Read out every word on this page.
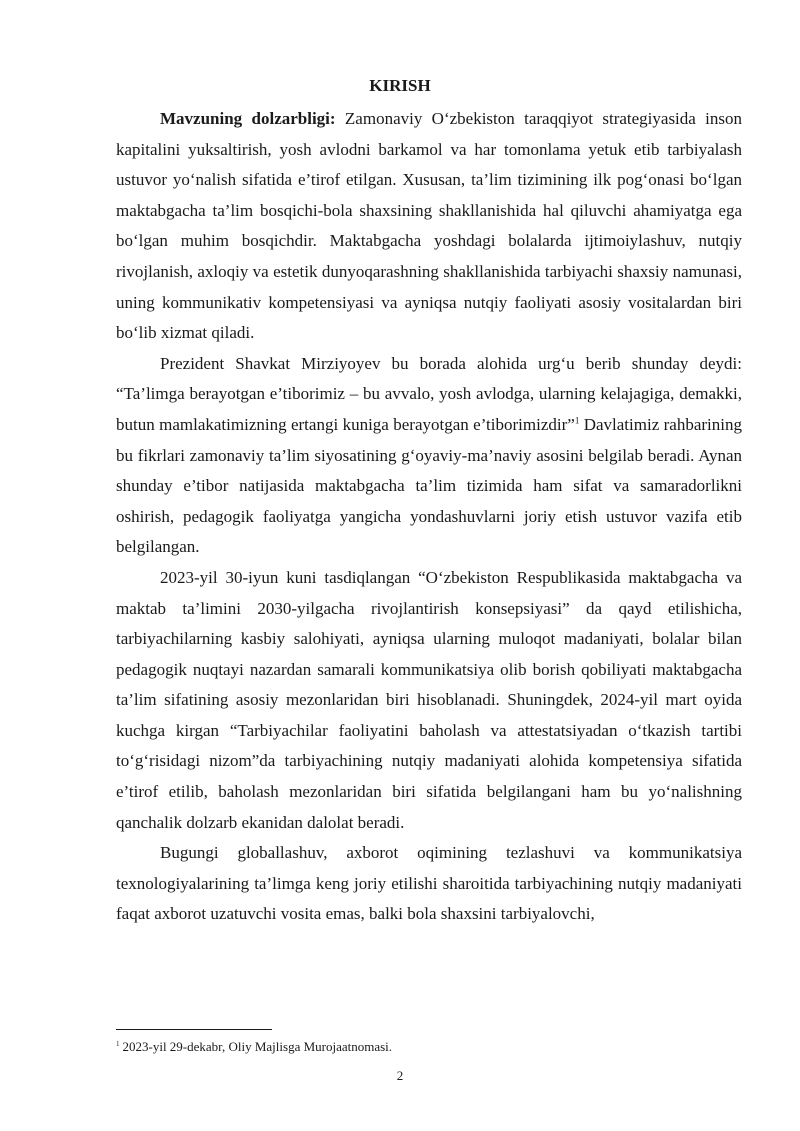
KIRISH

Mavzuning dolzarbligi: Zamonaviy O‘zbekiston taraqqiyot strategiyasida inson kapitalini yuksaltirish, yosh avlodni barkamol va har tomonlama yetuk etib tarbiyalash ustuvor yo‘nalish sifatida e’tirof etilgan. Xususan, ta’lim tizimining ilk pog‘onasi bo‘lgan maktabgacha ta’lim bosqichi-bola shaxsining shakllanishida hal qiluvchi ahamiyatga ega bo‘lgan muhim bosqichdir. Maktabgacha yoshdagi bolalarda ijtimoiylashuv, nutqiy rivojlanish, axloqiy va estetik dunyoqarashning shakllanishida tarbiyachi shaxsiy namunasi, uning kommunikativ kompetensiyasi va ayniqsa nutqiy faoliyati asosiy vositalardan biri bo‘lib xizmat qiladi.

Prezident Shavkat Mirziyoyev bu borada alohida urg‘u berib shunday deydi: “Ta’limga berayotgan e’tiborimiz – bu avvalo, yosh avlodga, ularning kelajagiga, demakki, butun mamlakatimizning ertangi kuniga berayotgan e’tiborimizdir”$^1$ Davlatimiz rahbarining bu fikrlari zamonaviy ta’lim siyosatining g‘oyaviy-ma’naviy asosini belgilab beradi. Aynan shunday e’tibor natijasida maktabgacha ta’lim tizimida ham sifat va samaradorlikni oshirish, pedagogik faoliyatga yangicha yondashuvlarni joriy etish ustuvor vazifa etib belgilangan.

2023-yil 30-iyun kuni tasdiqlangan “O‘zbekiston Respublikasida maktabgacha va maktab ta’limini 2030-yilgacha rivojlantirish konsepsiyasi” da qayd etilishicha, tarbiyachilarning kasbiy salohiyati, ayniqsa ularning muloqot madaniyati, bolalar bilan pedagogik nuqtayi nazardan samarali kommunikatsiya olib borish qobiliyati maktabgacha ta’lim sifatining asosiy mezonlaridan biri hisoblanadi. Shuningdek, 2024-yil mart oyida kuchga kirgan “Tarbiyachilar faoliyatini baholash va attestatsiyadan o‘tkazish tartibi to‘g‘risidagi nizom”da tarbiyachining nutqiy madaniyati alohida kompetensiya sifatida e’tirof etilib, baholash mezonlaridan biri sifatida belgilangani ham bu yo‘nalishning qanchalik dolzarb ekanidan dalolat beradi.

Bugungi globallashuv, axborot oqimining tezlashuvi va kommunikatsiya texnologiyalarining ta’limga keng joriy etilishi sharoitida tarbiyachining nutqiy madaniyati faqat axborot uzatuvchi vosita emas, balki bola shaxsini tarbiyalovchi,

$^1$ 2023-yil 29-dekabr, Oliy Majlisga Murojaatnomasi.
2
